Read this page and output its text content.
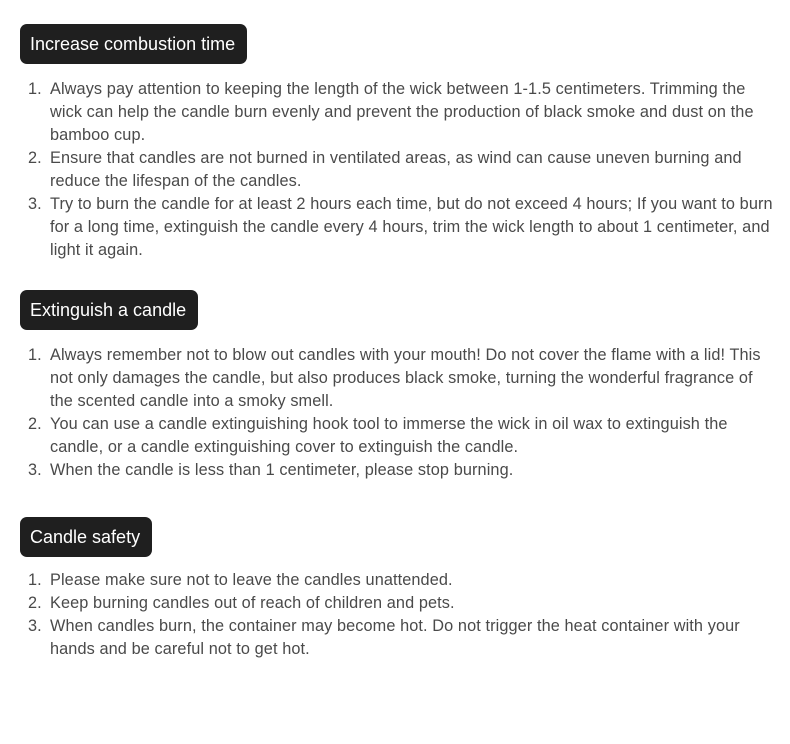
Increase combustion time
1. Always pay attention to keeping the length of the wick between 1-1.5 centimeters. Trimming the wick can help the candle burn evenly and prevent the production of black smoke and dust on the bamboo cup.
2. Ensure that candles are not burned in ventilated areas, as wind can cause uneven burning and reduce the lifespan of the candles.
3. Try to burn the candle for at least 2 hours each time, but do not exceed 4 hours; If you want to burn for a long time, extinguish the candle every 4 hours, trim the wick length to about 1 centimeter, and light it again.
Extinguish a candle
1. Always remember not to blow out candles with your mouth! Do not cover the flame with a lid! This not only damages the candle, but also produces black smoke, turning the wonderful fragrance of the scented candle into a smoky smell.
2. You can use a candle extinguishing hook tool to immerse the wick in oil wax to extinguish the candle, or a candle extinguishing cover to extinguish the candle.
3. When the candle is less than 1 centimeter, please stop burning.
Candle safety
1. Please make sure not to leave the candles unattended.
2. Keep burning candles out of reach of children and pets.
3. When candles burn, the container may become hot. Do not trigger the heat container with your hands and be careful not to get hot.
